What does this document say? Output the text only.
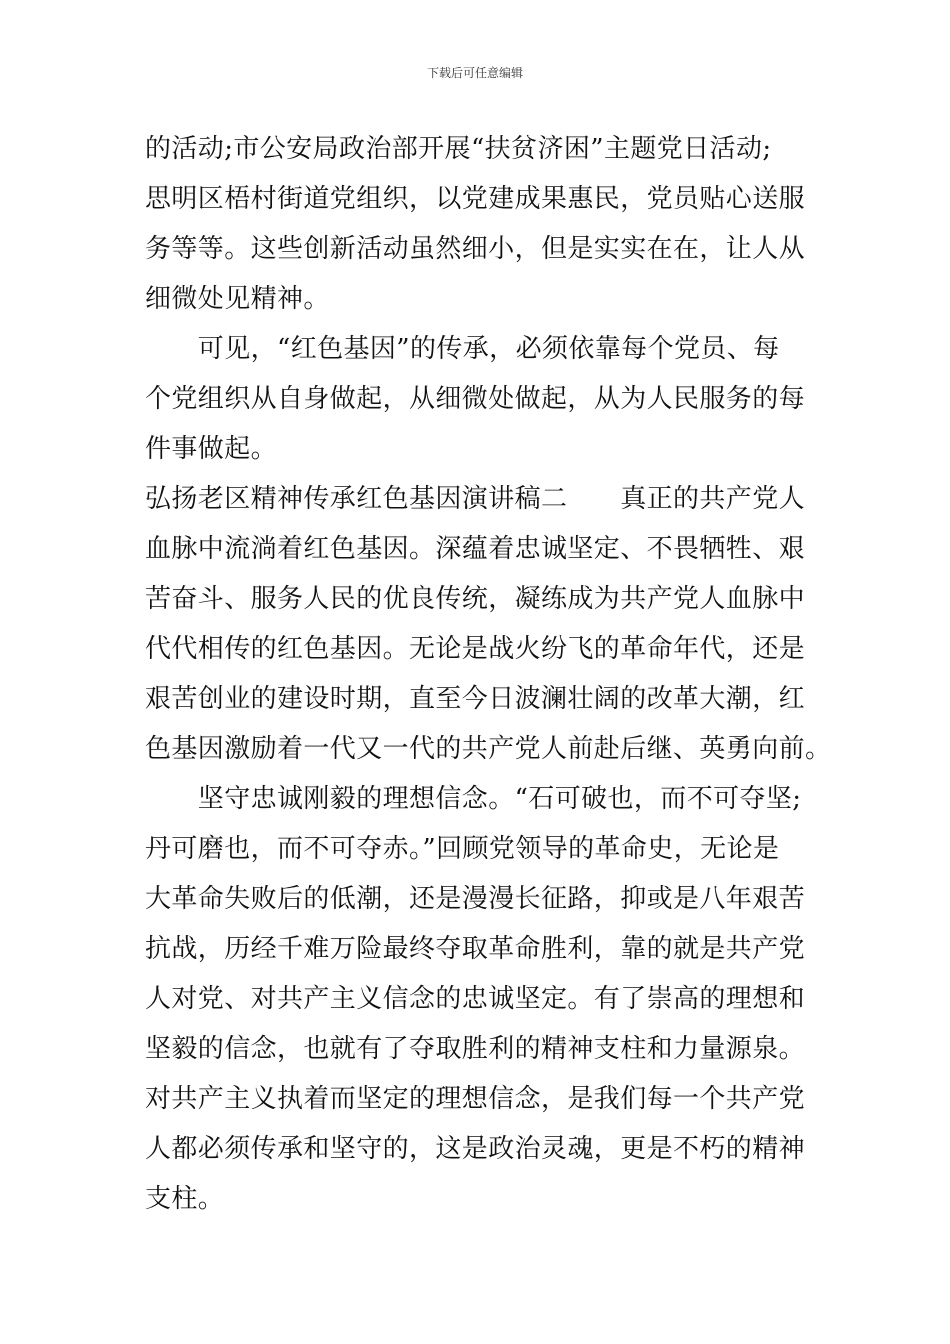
下载后可任意编辑
的活动;市公安局政治部开展“扶贫济困”主题党日活动;
思明区梧村街道党组织，以党建成果惠民，党员贴心送服
务等等。这些创新活动虽然细小，但是实实在在，让人从
细微处见精神。
　　可见，“红色基因”的传承，必须依靠每个党员、每
个党组织从自身做起，从细微处做起，从为人民服务的每
件事做起。
弘扬老区精神传承红色基因演讲稿二　　真正的共产党人
血脉中流淌着红色基因。深蕴着忠诚坚定、不畏牺牲、艰
苦奋斗、服务人民的优良传统，凝练成为共产党人血脉中
代代相传的红色基因。无论是战火纷飞的革命年代，还是
艰苦创业的建设时期，直至今日波澜壮阔的改革大潮，红
色基因激励着一代又一代的共产党人前赴后继、英勇向前。
　　坚守忠诚刚毅的理想信念。“石可破也，而不可夺坚;
丹可磨也，而不可夺赤。”回顾党领导的革命史，无论是
大革命失败后的低潮，还是漫漫长征路，抑或是八年艰苦
抗战，历经千难万险最终夺取革命胜利，靠的就是共产党
人对党、对共产主义信念的忠诚坚定。有了崇高的理想和
坚毅的信念，也就有了夺取胜利的精神支柱和力量源泉。
对共产主义执着而坚定的理想信念，是我们每一个共产党
人都必须传承和坚守的，这是政治灵魂，更是不朽的精神
支柱。
